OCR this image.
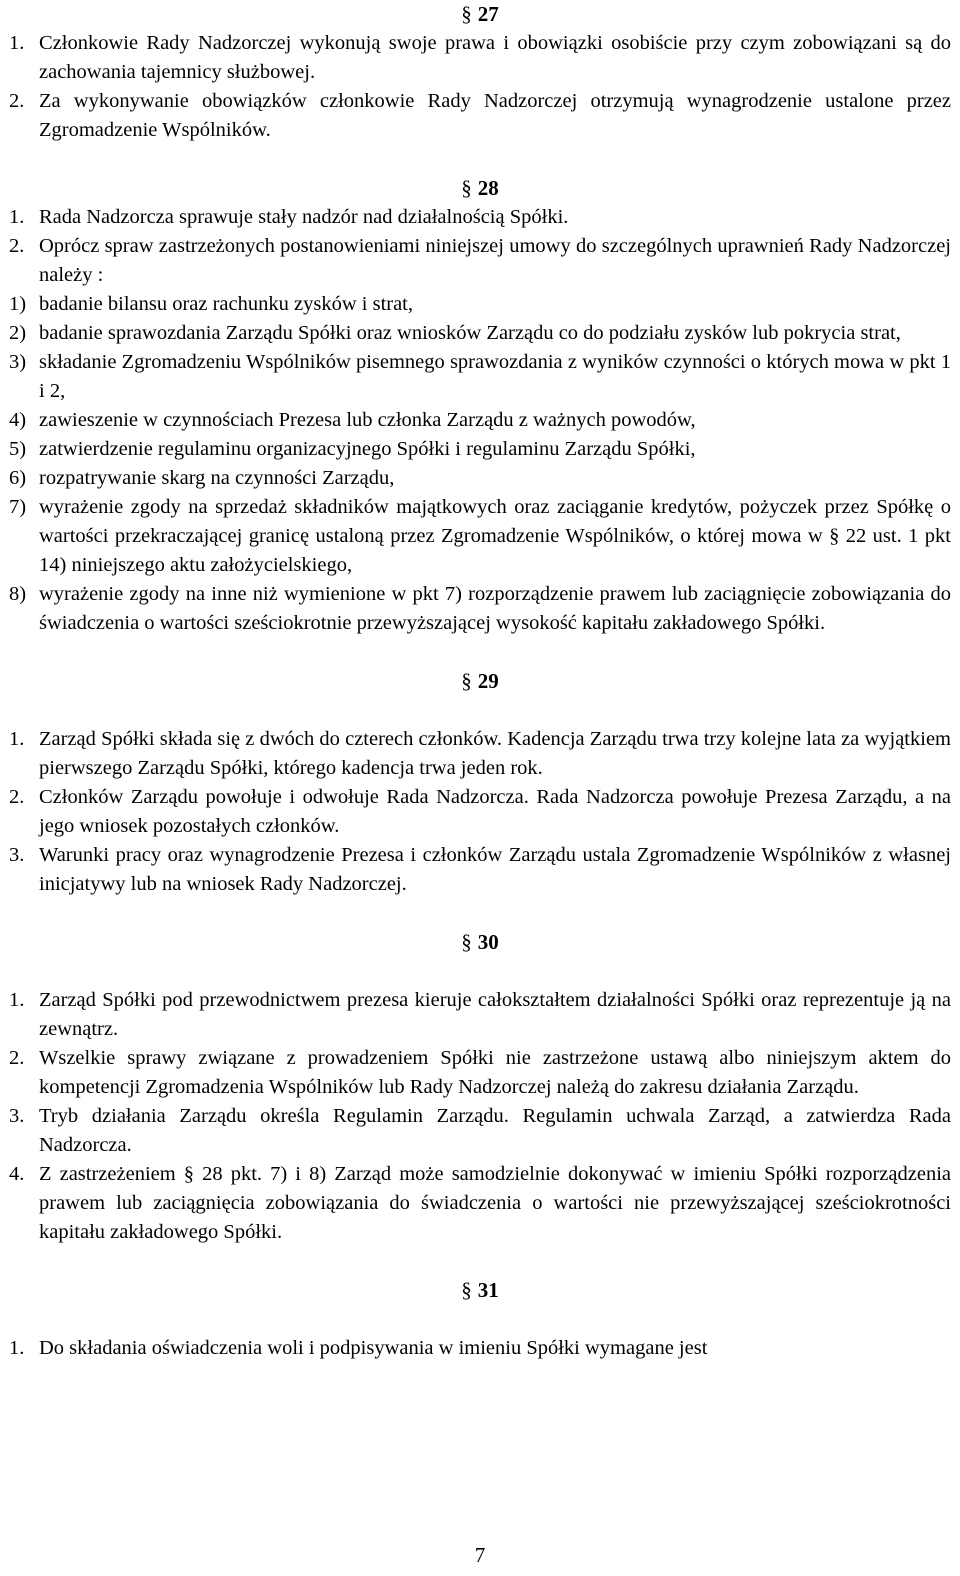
§ 27
1. Członkowie Rady Nadzorczej wykonują swoje prawa i obowiązki osobiście przy czym zobowiązani są do zachowania tajemnicy służbowej.
2. Za wykonywanie obowiązków członkowie Rady Nadzorczej otrzymują wynagrodzenie ustalone przez Zgromadzenie Wspólników.
§ 28
1. Rada Nadzorcza sprawuje stały nadzór nad działalnością Spółki.
2. Oprócz spraw zastrzeżonych postanowieniami niniejszej umowy do szczególnych uprawnień Rady Nadzorczej należy :
1) badanie bilansu oraz rachunku zysków i strat,
2) badanie sprawozdania Zarządu Spółki oraz wniosków Zarządu co do podziału zysków lub pokrycia strat,
3) składanie Zgromadzeniu Wspólników pisemnego sprawozdania z wyników czynności o których mowa w pkt 1 i 2,
4) zawieszenie w czynnościach Prezesa lub członka Zarządu z ważnych powodów,
5) zatwierdzenie regulaminu organizacyjnego Spółki i regulaminu Zarządu Spółki,
6) rozpatrywanie skarg na czynności Zarządu,
7) wyrażenie zgody na sprzedaż składników majątkowych oraz zaciąganie kredytów, pożyczek przez Spółkę o wartości przekraczającej granicę ustaloną przez Zgromadzenie Wspólników, o której mowa w § 22 ust. 1 pkt 14) niniejszego aktu założycielskiego,
8) wyrażenie zgody na inne niż wymienione w pkt 7) rozporządzenie prawem lub zaciągnięcie zobowiązania do świadczenia o wartości sześciokrotnie przewyższającej wysokość kapitału zakładowego Spółki.
§ 29
1. Zarząd Spółki składa się z dwóch do czterech członków. Kadencja Zarządu trwa trzy kolejne lata za wyjątkiem pierwszego Zarządu Spółki, którego kadencja trwa jeden rok.
2. Członków Zarządu powołuje i odwołuje Rada Nadzorcza. Rada Nadzorcza powołuje Prezesa Zarządu, a na jego wniosek pozostałych członków.
3. Warunki pracy oraz wynagrodzenie Prezesa i członków Zarządu ustala Zgromadzenie Wspólników z własnej inicjatywy lub na wniosek Rady Nadzorczej.
§ 30
1. Zarząd Spółki pod przewodnictwem prezesa kieruje całokształtem działalności Spółki oraz reprezentuje ją na zewnątrz.
2. Wszelkie sprawy związane z prowadzeniem Spółki nie zastrzeżone ustawą albo niniejszym aktem do kompetencji Zgromadzenia Wspólników lub Rady Nadzorczej należą do zakresu działania Zarządu.
3. Tryb działania Zarządu określa Regulamin Zarządu. Regulamin uchwala Zarząd, a zatwierdza Rada Nadzorcza.
4. Z zastrzeżeniem § 28 pkt. 7) i 8) Zarząd może samodzielnie dokonywać w imieniu Spółki rozporządzenia prawem lub zaciągnięcia zobowiązania do świadczenia o wartości nie przewyższającej sześciokrotności kapitału zakładowego Spółki.
§ 31
1. Do składania oświadczenia woli i podpisywania w imieniu Spółki wymagane jest
7
